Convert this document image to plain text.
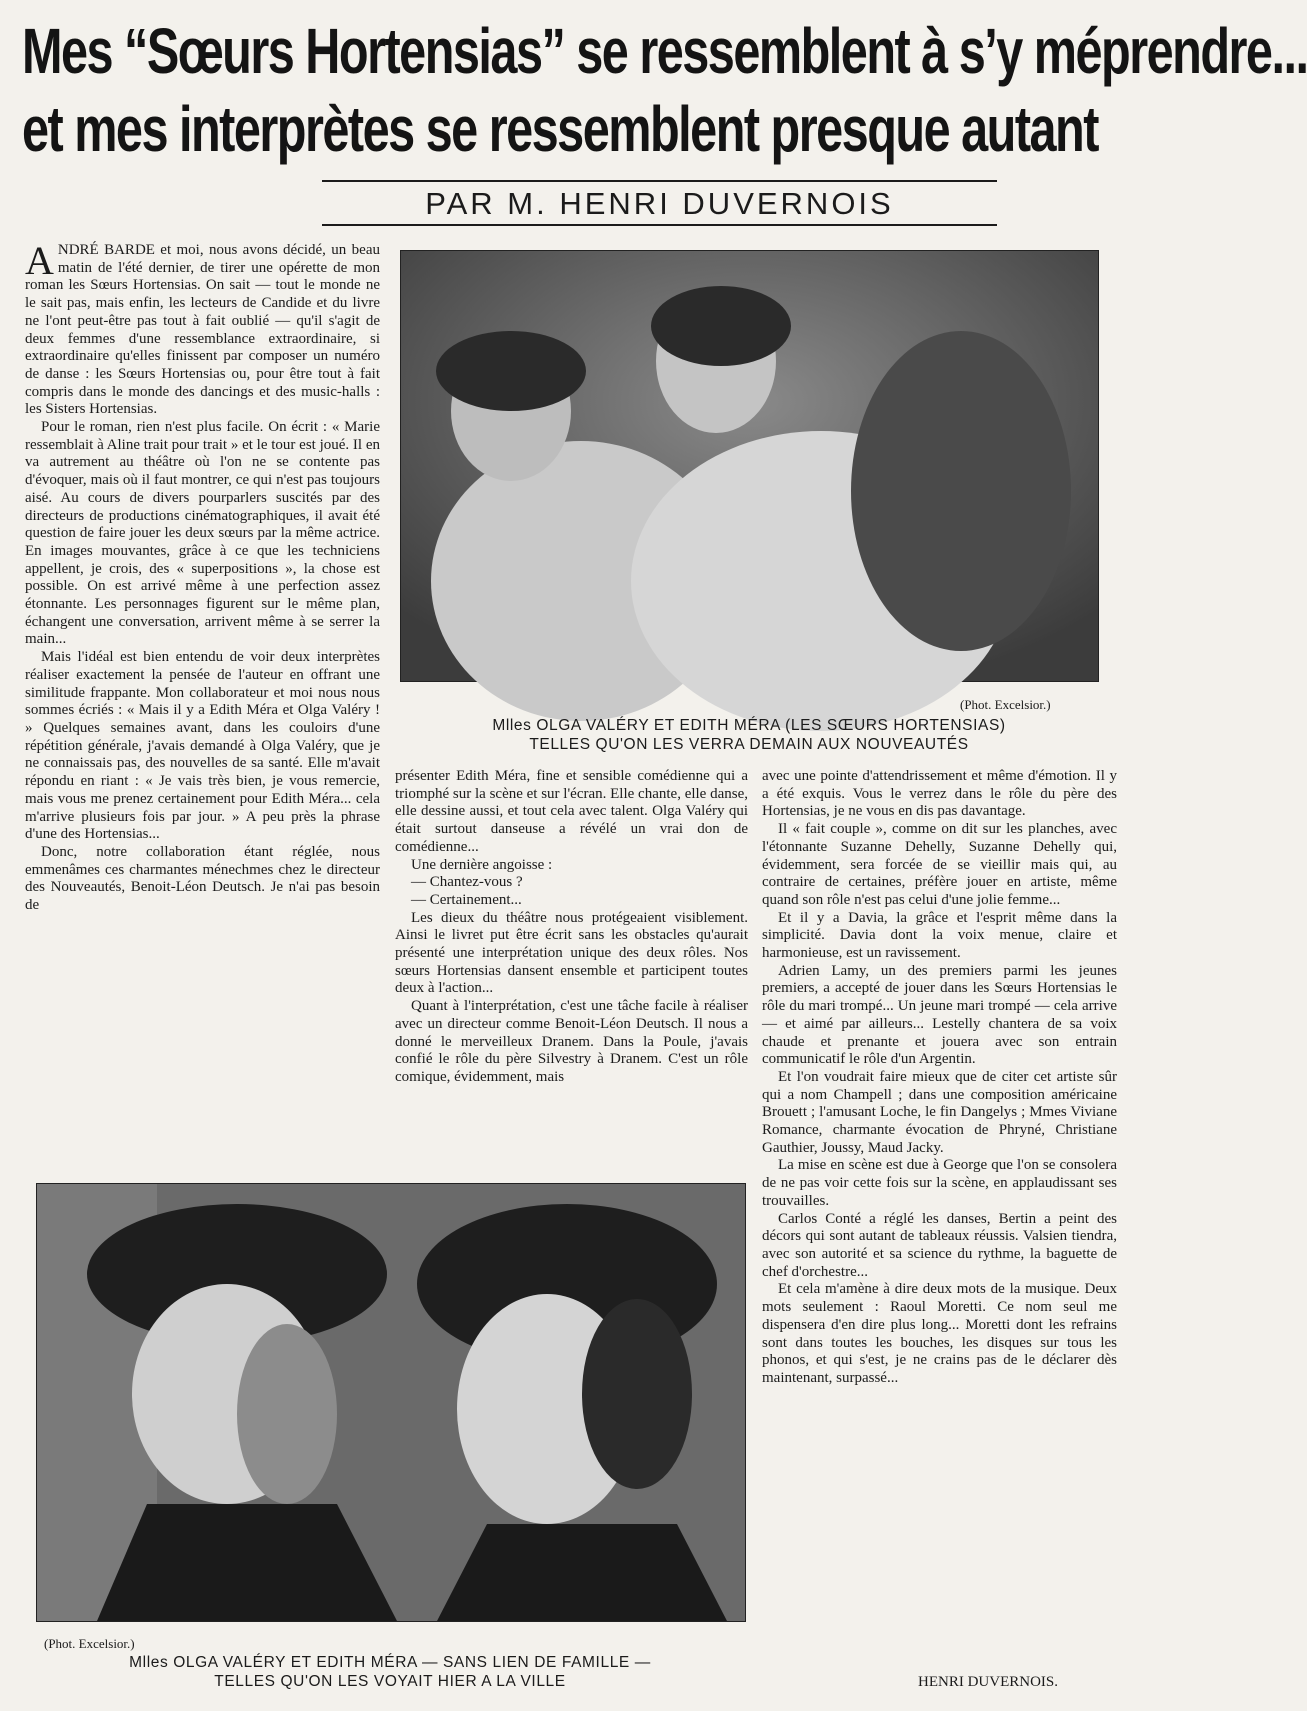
Mes “Sœurs Hortensias” se ressemblent à s’y méprendre...
et mes interprètes se ressemblent presque autant
PAR M. HENRI DUVERNOIS

ANDRÉ BARDE et moi, nous avons décidé, un beau matin de l'été dernier, de tirer une opérette de mon roman les Sœurs Hortensias. On sait — tout le monde ne le sait pas, mais enfin, les lecteurs de Candide et du livre ne l'ont peut-être pas tout à fait oublié — qu'il s'agit de deux femmes d'une ressemblance extraordinaire, si extraordinaire qu'elles finissent par composer un numéro de danse : les Sœurs Hortensias ou, pour être tout à fait compris dans le monde des dancings et des music-halls : les Sisters Hortensias.

Pour le roman, rien n'est plus facile. On écrit : « Marie ressemblait à Aline trait pour trait » et le tour est joué. Il en va autrement au théâtre où l'on ne se contente pas d'évoquer, mais où il faut montrer, ce qui n'est pas toujours aisé. Au cours de divers pourparlers suscités par des directeurs de productions cinématographiques, il avait été question de faire jouer les deux sœurs par la même actrice. En images mouvantes, grâce à ce que les techniciens appellent, je crois, des « superpositions », la chose est possible. On est arrivé même à une perfection assez étonnante. Les personnages figurent sur le même plan, échangent une conversation, arrivent même à se serrer la main...

Mais l'idéal est bien entendu de voir deux interprètes réaliser exactement la pensée de l'auteur en offrant une similitude frappante. Mon collaborateur et moi nous nous sommes écriés : « Mais il y a Edith Méra et Olga Valéry ! » Quelques semaines avant, dans les couloirs d'une répétition générale, j'avais demandé à Olga Valéry, que je ne connaissais pas, des nouvelles de sa santé. Elle m'avait répondu en riant : « Je vais très bien, je vous remercie, mais vous me prenez certainement pour Edith Méra... cela m'arrive plusieurs fois par jour. » A peu près la phrase d'une des Hortensias...

Donc, notre collaboration étant réglée, nous emmenâmes ces charmantes ménechmes chez le directeur des Nouveautés, Benoit-Léon Deutsch. Je n'ai pas besoin de

(Phot. Excelsior.)
Mlles OLGA VALÉRY ET EDITH MÉRA (LES SŒURS HORTENSIAS)
TELLES QU'ON LES VERRA DEMAIN AUX NOUVEAUTÉS

présenter Edith Méra, fine et sensible comédienne qui a triomphé sur la scène et sur l'écran. Elle chante, elle danse, elle dessine aussi, et tout cela avec talent. Olga Valéry qui était surtout danseuse a révélé un vrai don de comédienne...

Une dernière angoisse :

— Chantez-vous ?

— Certainement...

Les dieux du théâtre nous protégeaient visiblement. Ainsi le livret put être écrit sans les obstacles qu'aurait présenté une interprétation unique des deux rôles. Nos sœurs Hortensias dansent ensemble et participent toutes deux à l'action...

Quant à l'interprétation, c'est une tâche facile à réaliser avec un directeur comme Benoit-Léon Deutsch. Il nous a donné le merveilleux Dranem. Dans la Poule, j'avais confié le rôle du père Silvestry à Dranem. C'est un rôle comique, évidemment, mais

avec une pointe d'attendrissement et même d'émotion. Il y a été exquis. Vous le verrez dans le rôle du père des Hortensias, je ne vous en dis pas davantage.

Il « fait couple », comme on dit sur les planches, avec l'étonnante Suzanne Dehelly, Suzanne Dehelly qui, évidemment, sera forcée de se vieillir mais qui, au contraire de certaines, préfère jouer en artiste, même quand son rôle n'est pas celui d'une jolie femme...

Et il y a Davia, la grâce et l'esprit même dans la simplicité. Davia dont la voix menue, claire et harmonieuse, est un ravissement.

Adrien Lamy, un des premiers parmi les jeunes premiers, a accepté de jouer dans les Sœurs Hortensias le rôle du mari trompé... Un jeune mari trompé — cela arrive — et aimé par ailleurs... Lestelly chantera de sa voix chaude et prenante et jouera avec son entrain communicatif le rôle d'un Argentin.

Et l'on voudrait faire mieux que de citer cet artiste sûr qui a nom Champell ; dans une composition américaine Brouett ; l'amusant Loche, le fin Dangelys ; Mmes Viviane Romance, charmante évocation de Phryné, Christiane Gauthier, Joussy, Maud Jacky.

La mise en scène est due à George que l'on se consolera de ne pas voir cette fois sur la scène, en applaudissant ses trouvailles.

Carlos Conté a réglé les danses, Bertin a peint des décors qui sont autant de tableaux réussis. Valsien tiendra, avec son autorité et sa science du rythme, la baguette de chef d'orchestre...

Et cela m'amène à dire deux mots de la musique. Deux mots seulement : Raoul Moretti. Ce nom seul me dispensera d'en dire plus long... Moretti dont les refrains sont dans toutes les bouches, les disques sur tous les phonos, et qui s'est, je ne crains pas de le déclarer dès maintenant, surpassé...

HENRI DUVERNOIS.
(Phot. Excelsior.)
Mlles OLGA VALÉRY ET EDITH MÉRA — SANS LIEN DE FAMILLE —
TELLES QU'ON LES VOYAIT HIER A LA VILLE
